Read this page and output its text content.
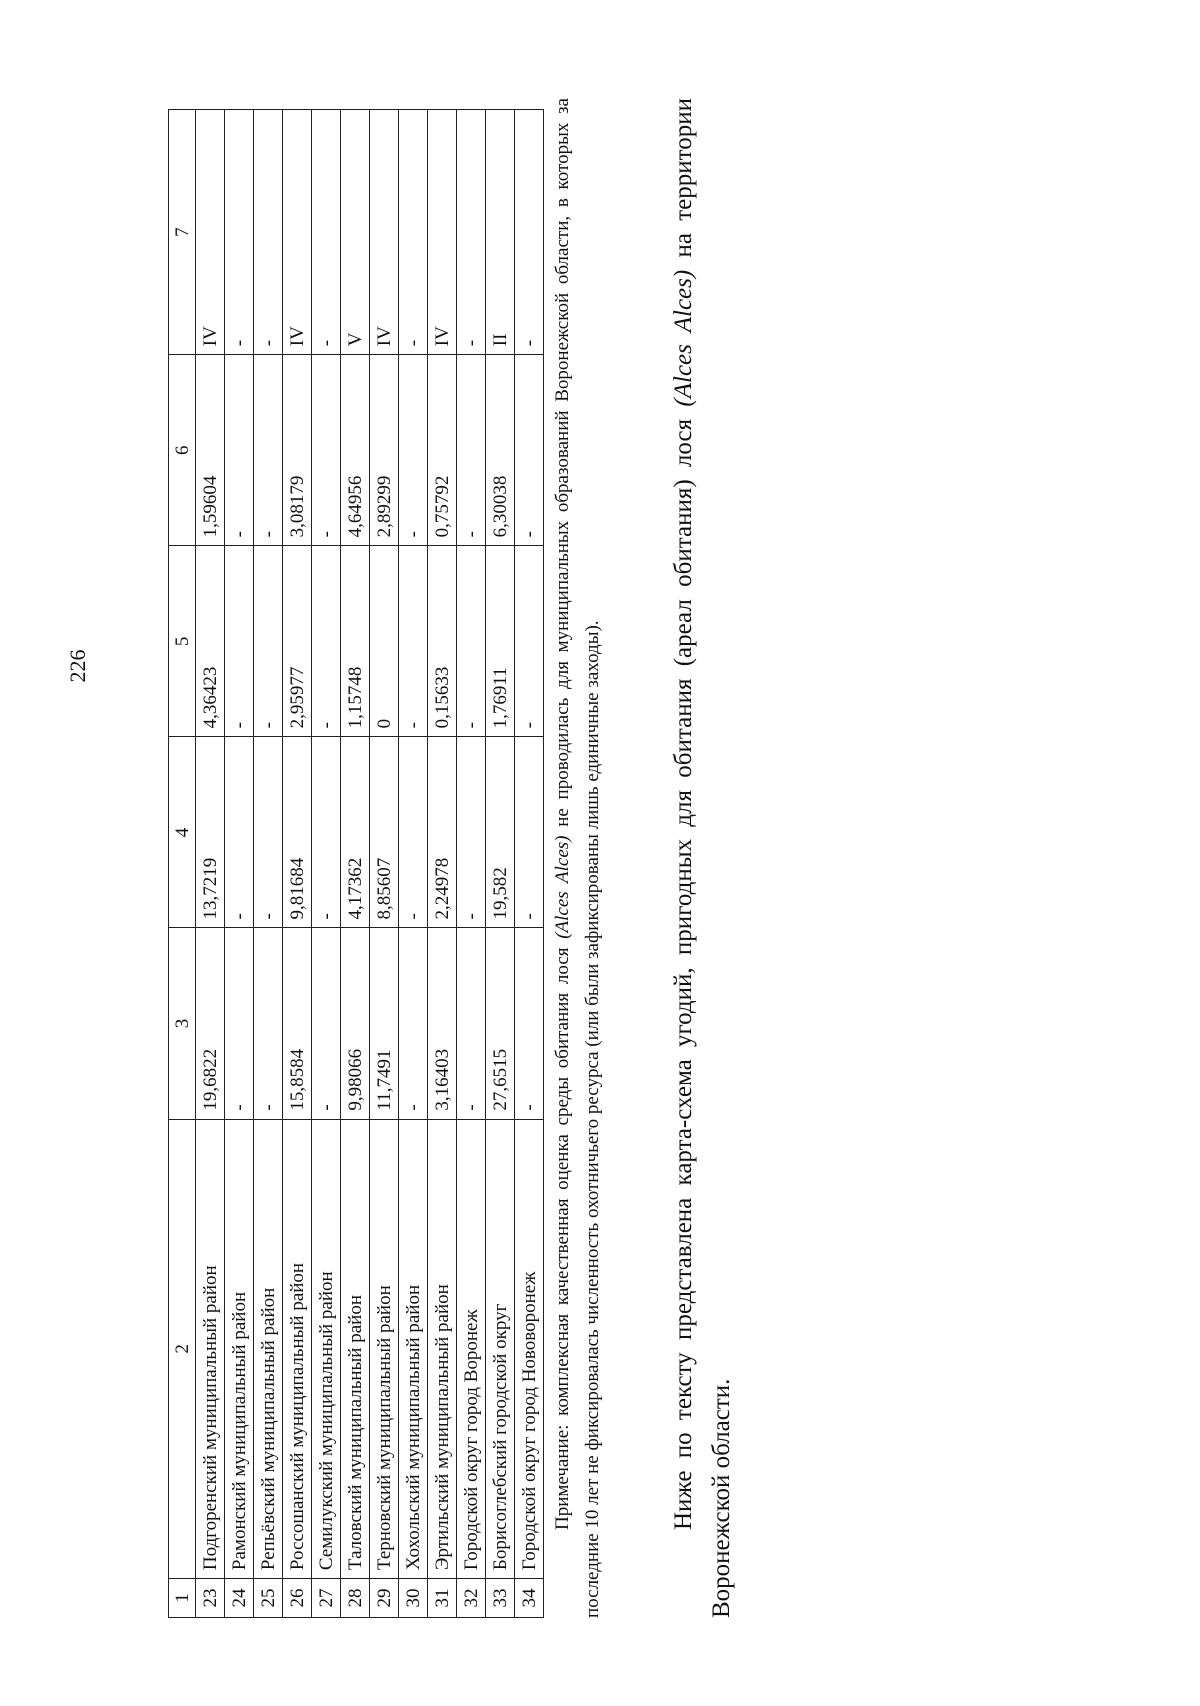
226
1	2	3	4	5	6	7
23	Подгоренский муниципальный район	19,6822	13,7219	4,36423	1,59604	IV
24	Рамонский муниципальный район	-	-	-	-	-
25	Репьёвский муниципальный район	-	-	-	-	-
26	Россошанский муниципальный район	15,8584	9,81684	2,95977	3,08179	IV
27	Семилукский муниципальный район	-	-	-	-	-
28	Таловский муниципальный район	9,98066	4,17362	1,15748	4,64956	V
29	Терновский муниципальный район	11,7491	8,85607	0	2,89299	IV
30	Хохольский муниципальный район	-	-	-	-	-
31	Эртильский муниципальный район	3,16403	2,24978	0,15633	0,75792	IV
32	Городской округ город Воронеж	-	-	-	-	-
33	Борисоглебский городской округ	27,6515	19,582	1,76911	6,30038	II
34	Городской округ город Нововоронеж	-	-	-	-	-

Примечание: комплексная качественная оценка среды обитания лося (Alces Alces) не проводилась для муниципальных образований Воронежской области, в которых за последние 10 лет не фиксировалась численность охотничьего ресурса (или были зафиксированы лишь единичные заходы).	Ниже по тексту представлена карта-схема угодий, пригодных для обитания (ареал обитания) лося (Alces Alces) на территории Воронежской области.
